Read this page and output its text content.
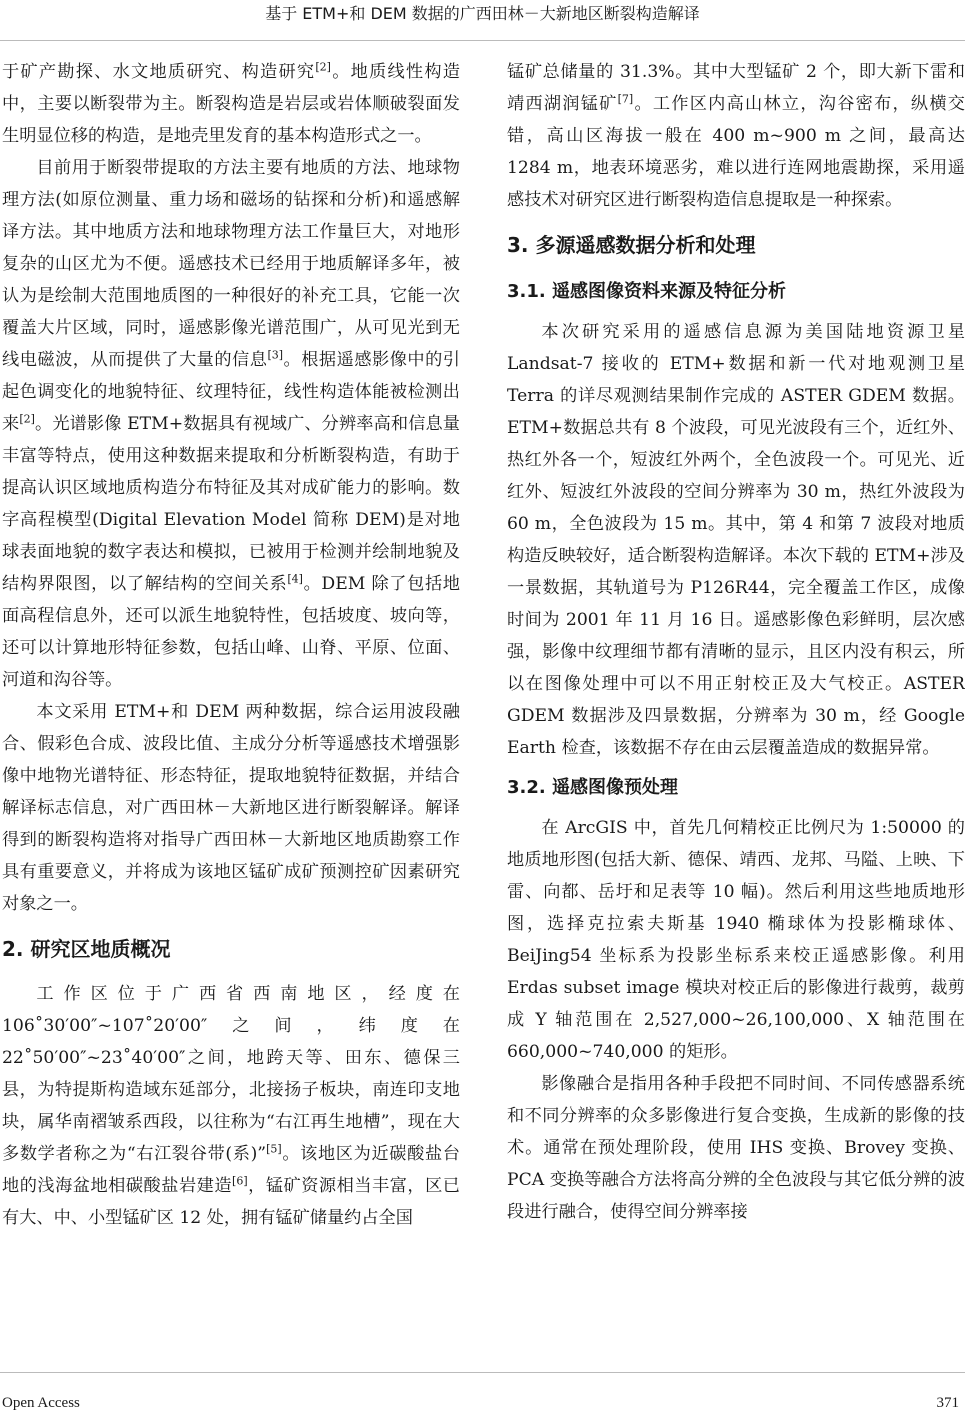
基于 ETM+和 DEM 数据的广西田林－大新地区断裂构造解译

于矿产勘探、水文地质研究、构造研究[2]。地质线性构造中，主要以断裂带为主。断裂构造是岩层或岩体顺破裂面发生明显位移的构造，是地壳里发育的基本构造形式之一。

目前用于断裂带提取的方法主要有地质的方法、地球物理方法(如原位测量、重力场和磁场的钻探和分析)和遥感解译方法。其中地质方法和地球物理方法工作量巨大，对地形复杂的山区尤为不便。遥感技术已经用于地质解译多年，被认为是绘制大范围地质图的一种很好的补充工具，它能一次覆盖大片区域，同时，遥感影像光谱范围广，从可见光到无线电磁波，从而提供了大量的信息[3]。根据遥感影像中的引起色调变化的地貌特征、纹理特征，线性构造体能被检测出来[2]。光谱影像 ETM+数据具有视域广、分辨率高和信息量丰富等特点，使用这种数据来提取和分析断裂构造，有助于提高认识区域地质构造分布特征及其对成矿能力的影响。数字高程模型(Digital Elevation Model 简称 DEM)是对地球表面地貌的数字表达和模拟，已被用于检测并绘制地貌及结构界限图，以了解结构的空间关系[4]。DEM 除了包括地面高程信息外，还可以派生地貌特性，包括坡度、坡向等，还可以计算地形特征参数，包括山峰、山脊、平原、位面、河道和沟谷等。

本文采用 ETM+和 DEM 两种数据，综合运用波段融合、假彩色合成、波段比值、主成分分析等遥感技术增强影像中地物光谱特征、形态特征，提取地貌特征数据，并结合解译标志信息，对广西田林－大新地区进行断裂解译。解译得到的断裂构造将对指导广西田林－大新地区地质勘察工作具有重要意义，并将成为该地区锰矿成矿预测控矿因素研究对象之一。

2. 研究区地质概况

工作区位于广西省西南地区，经度在 106˚30′00″~107˚20′00″之间，纬度在 22˚50′00″~23˚40′00″之间，地跨天等、田东、德保三县，为特提斯构造域东延部分，北接扬子板块，南连印支地块，属华南褶皱系西段，以往称为“右江再生地槽”，现在大多数学者称之为“右江裂谷带(系)”[5]。该地区为近碳酸盐台地的浅海盆地相碳酸盐岩建造[6]，锰矿资源相当丰富，区已有大、中、小型锰矿区 12 处，拥有锰矿储量约占全国

锰矿总储量的 31.3%。其中大型锰矿 2 个，即大新下雷和靖西湖润锰矿[7]。工作区内高山林立，沟谷密布，纵横交错，高山区海拔一般在 400 m~900 m 之间，最高达 1284 m，地表环境恶劣，难以进行连网地震勘探，采用遥感技术对研究区进行断裂构造信息提取是一种探索。

3. 多源遥感数据分析和处理
3.1. 遥感图像资料来源及特征分析

本次研究采用的遥感信息源为美国陆地资源卫星 Landsat-7 接收的 ETM+数据和新一代对地观测卫星 Terra 的详尽观测结果制作完成的 ASTER GDEM 数据。ETM+数据总共有 8 个波段，可见光波段有三个，近红外、热红外各一个，短波红外两个，全色波段一个。可见光、近红外、短波红外波段的空间分辨率为 30 m，热红外波段为 60 m，全色波段为 15 m。其中，第 4 和第 7 波段对地质构造反映较好，适合断裂构造解译。本次下载的 ETM+涉及一景数据，其轨道号为 P126R44，完全覆盖工作区，成像时间为 2001 年 11 月 16 日。遥感影像色彩鲜明，层次感强，影像中纹理细节都有清晰的显示，且区内没有积云，所以在图像处理中可以不用正射校正及大气校正。ASTER GDEM 数据涉及四景数据，分辨率为 30 m，经 Google Earth 检查，该数据不存在由云层覆盖造成的数据异常。

3.2. 遥感图像预处理

在 ArcGIS 中，首先几何精校正比例尺为 1:50000 的地质地形图(包括大新、德保、靖西、龙邦、马隘、上映、下雷、向都、岳圩和足表等 10 幅)。然后利用这些地质地形图，选择克拉索夫斯基 1940 椭球体为投影椭球体、BeiJing54 坐标系为投影坐标系来校正遥感影像。利用 Erdas subset image 模块对校正后的影像进行裁剪，裁剪成 Y 轴范围在 2,527,000~26,100,000、X 轴范围在 660,000~740,000 的矩形。

影像融合是指用各种手段把不同时间、不同传感器系统和不同分辨率的众多影像进行复合变换，生成新的影像的技术。通常在预处理阶段，使用 IHS 变换、Brovey 变换、PCA 变换等融合方法将高分辨的全色波段与其它低分辨的波段进行融合，使得空间分辨率接

Open Access	371
